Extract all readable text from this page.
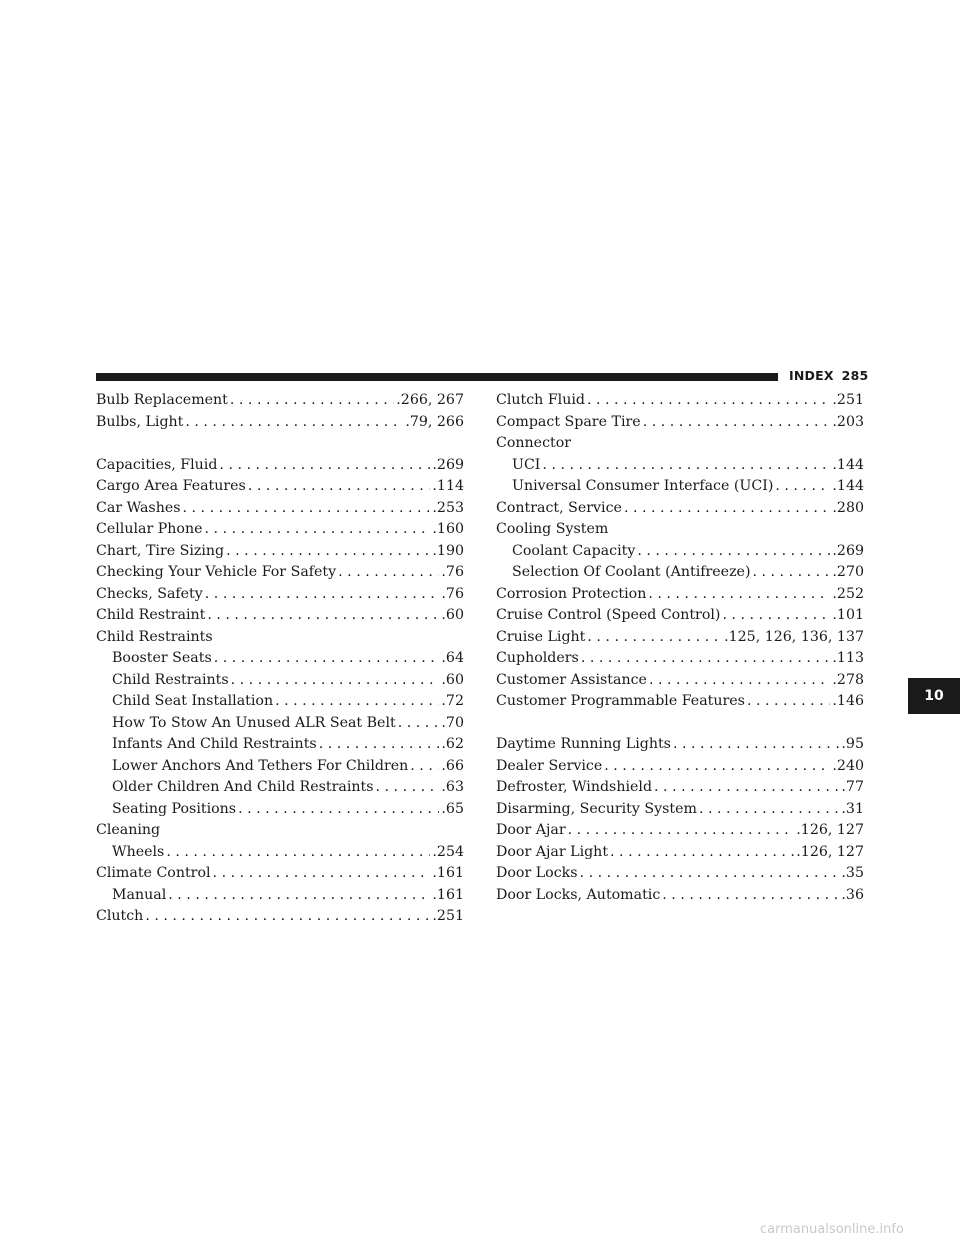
INDEX 285
Bulb Replacement . . .	.266, 267
Bulbs, Light . . .	.79, 266
Capacities, Fluid . . .	.269
Cargo Area Features . . .	.114
Car Washes . . .	.253
Cellular Phone . . .	.160
Chart, Tire Sizing . . .	.190
Checking Your Vehicle For Safety . . .	.76
Checks, Safety . . .	.76
Child Restraint . . .	.60
Child Restraints
Booster Seats . . .	.64
Child Restraints . . .	.60
Child Seat Installation . . .	.72
How To Stow An Unused ALR Seat Belt . . .	.70
Infants And Child Restraints . . .	.62
Lower Anchors And Tethers For Children . . . .66
Older Children And Child Restraints . . .	.63
Seating Positions . . .	.65
Cleaning
Wheels . . .	.254
Climate Control . . .	.161
Manual . . .	.161
Clutch . . .	.251
Clutch Fluid . . .	.251
Compact Spare Tire . . .	.203
Connector
UCI . . .	.144
Universal Consumer Interface (UCI) . . .	.144
Contract, Service . . .	.280
Cooling System
Coolant Capacity . . .	.269
Selection Of Coolant (Antifreeze) . . .	.270
Corrosion Protection . . .	.252
Cruise Control (Speed Control) . . .	.101
Cruise Light . . .	.125, 126, 136, 137
Cupholders . . .	.113
Customer Assistance . . .	.278
Customer Programmable Features . . .	.146
Daytime Running Lights . . .	.95
Dealer Service . . .	.240
Defroster, Windshield . . .	.77
Disarming, Security System . . .	.31
Door Ajar . . .	.126, 127
Door Ajar Light . . .	.126, 127
Door Locks . . .	.35
Door Locks, Automatic . . .	.36
10
carmanualsonline.info
